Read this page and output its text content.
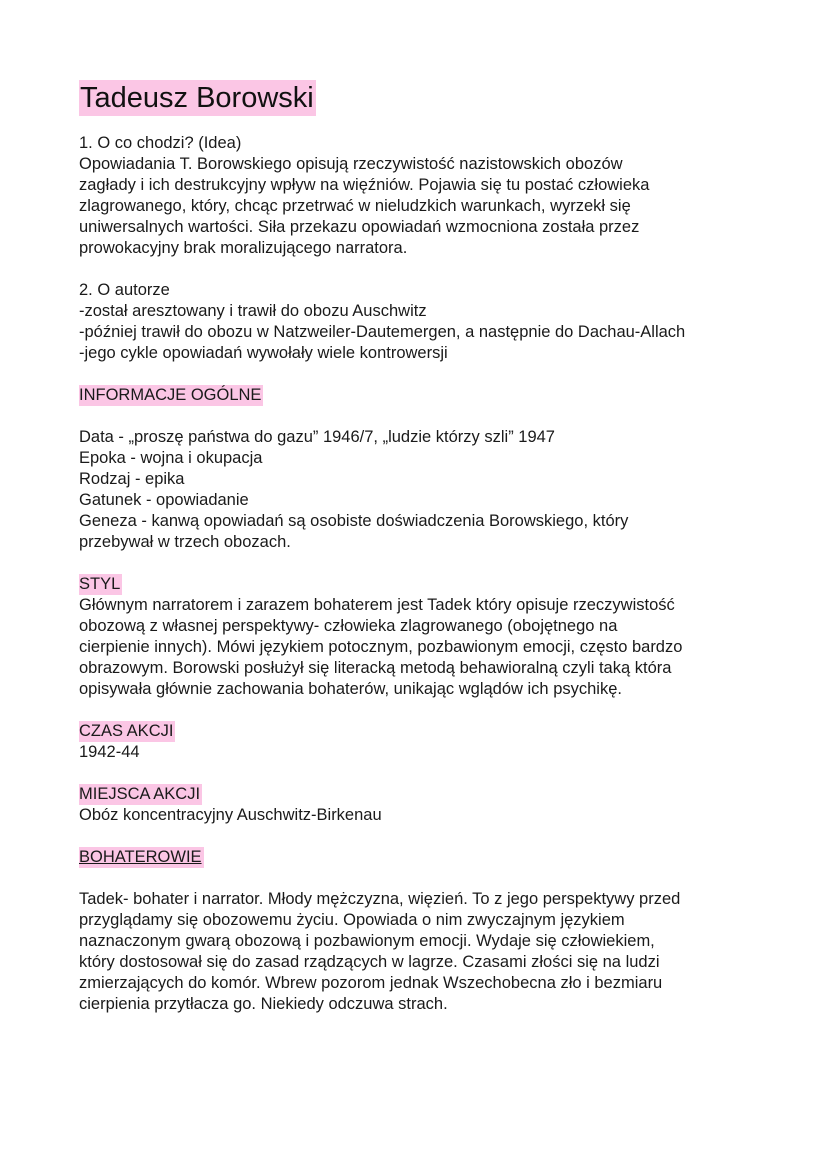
Tadeusz Borowski

1. O co chodzi? (Idea)

Opowiadania T. Borowskiego opisują rzeczywistość nazistowskich obozów
zagłady i ich destrukcyjny wpływ na więźniów. Pojawia się tu postać człowieka
zlagrowanego, który, chcąc przetrwać w nieludzkich warunkach, wyrzekł się
uniwersalnych wartości. Siła przekazu opowiadań wzmocniona została przez
prowokacyjny brak moralizującego narratora.

2. O autorze

-został aresztowany i trawił do obozu Auschwitz
-później trawił do obozu w Natzweiler-Dautemergen, a następnie do Dachau-Allach
-jego cykle opowiadań wywołały wiele kontrowersji

INFORMACJE OGÓLNE

Data - „proszę państwa do gazu” 1946/7, „ludzie którzy szli” 1947
Epoka - wojna i okupacja
Rodzaj - epika
Gatunek - opowiadanie
Geneza - kanwą opowiadań są osobiste doświadczenia Borowskiego, który
przebywał w trzech obozach.

STYL

Głównym narratorem i zarazem bohaterem jest Tadek który opisuje rzeczywistość
obozową z własnej perspektywy- człowieka zlagrowanego (obojętnego na
cierpienie innych). Mówi językiem potocznym, pozbawionym emocji, często bardzo
obrazowym. Borowski posłużył się literacką metodą behawioralną czyli taką która
opisywała głównie zachowania bohaterów, unikając wglądów ich psychikę.

CZAS AKCJI

1942-44

MIEJSCA AKCJI

Obóz koncentracyjny Auschwitz-Birkenau

BOHATEROWIE

Tadek- bohater i narrator. Młody mężczyzna, więzień. To z jego perspektywy przed
przyglądamy się obozowemu życiu. Opowiada o nim zwyczajnym językiem
naznaczonym gwarą obozową i pozbawionym emocji. Wydaje się człowiekiem,
który dostosował się do zasad rządzących w lagrze. Czasami złości się na ludzi
zmierzających do komór. Wbrew pozorom jednak Wszechobecna zło i bezmiaru
cierpienia przytłacza go. Niekiedy odczuwa strach.
